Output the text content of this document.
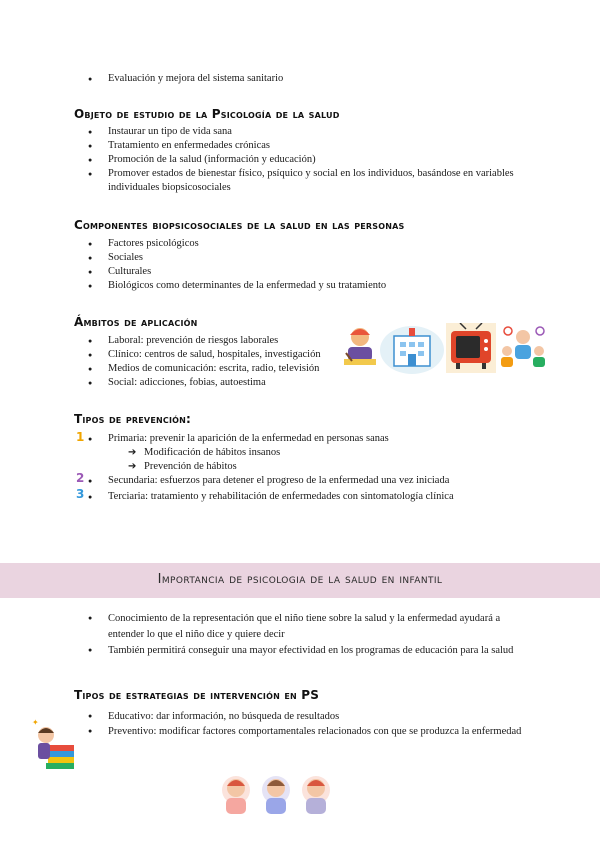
● Evaluación y mejora del sistema sanitario
Objeto de estudio de la Psicología de la salud
● Instaurar un tipo de vida sana
● Tratamiento en enfermedades crónicas
● Promoción de la salud (información y educación)
● Promover estados de bienestar físico, psíquico y social en los individuos, basándose en variables individuales biopsicosociales
Componentes biopsicosociales de la salud en las personas
● Factores psicológicos
● Sociales
● Culturales
● Biológicos como determinantes de la enfermedad y su tratamiento
Ámbitos de aplicación
● Laboral: prevención de riesgos laborales
● Clínico: centros de salud, hospitales, investigación
● Medios de comunicación: escrita, radio, televisión
● Social: adicciones, fobias, autoestima
Tipos de prevención:
1
2
3
● Primaria: prevenir la aparición de la enfermedad en personas sanas
➔ Modificación de hábitos insanos
➔ Prevención de hábitos
● Secundaria: esfuerzos para detener el progreso de la enfermedad una vez iniciada
● Terciaria: tratamiento y rehabilitación de enfermedades con sintomatología clínica
Importancia de psicologia de la salud en infantil
● Conocimiento de la representación que el niño tiene sobre la salud y la enfermedad ayudará a entender lo que el niño dice y quiere decir
● También permitirá conseguir una mayor efectividad en los programas de educación para la salud
Tipos de estrategias de intervención en PS
● Educativo: dar información, no búsqueda de resultados
● Preventivo: modificar factores comportamentales relacionados con que se produzca la enfermedad
✦
